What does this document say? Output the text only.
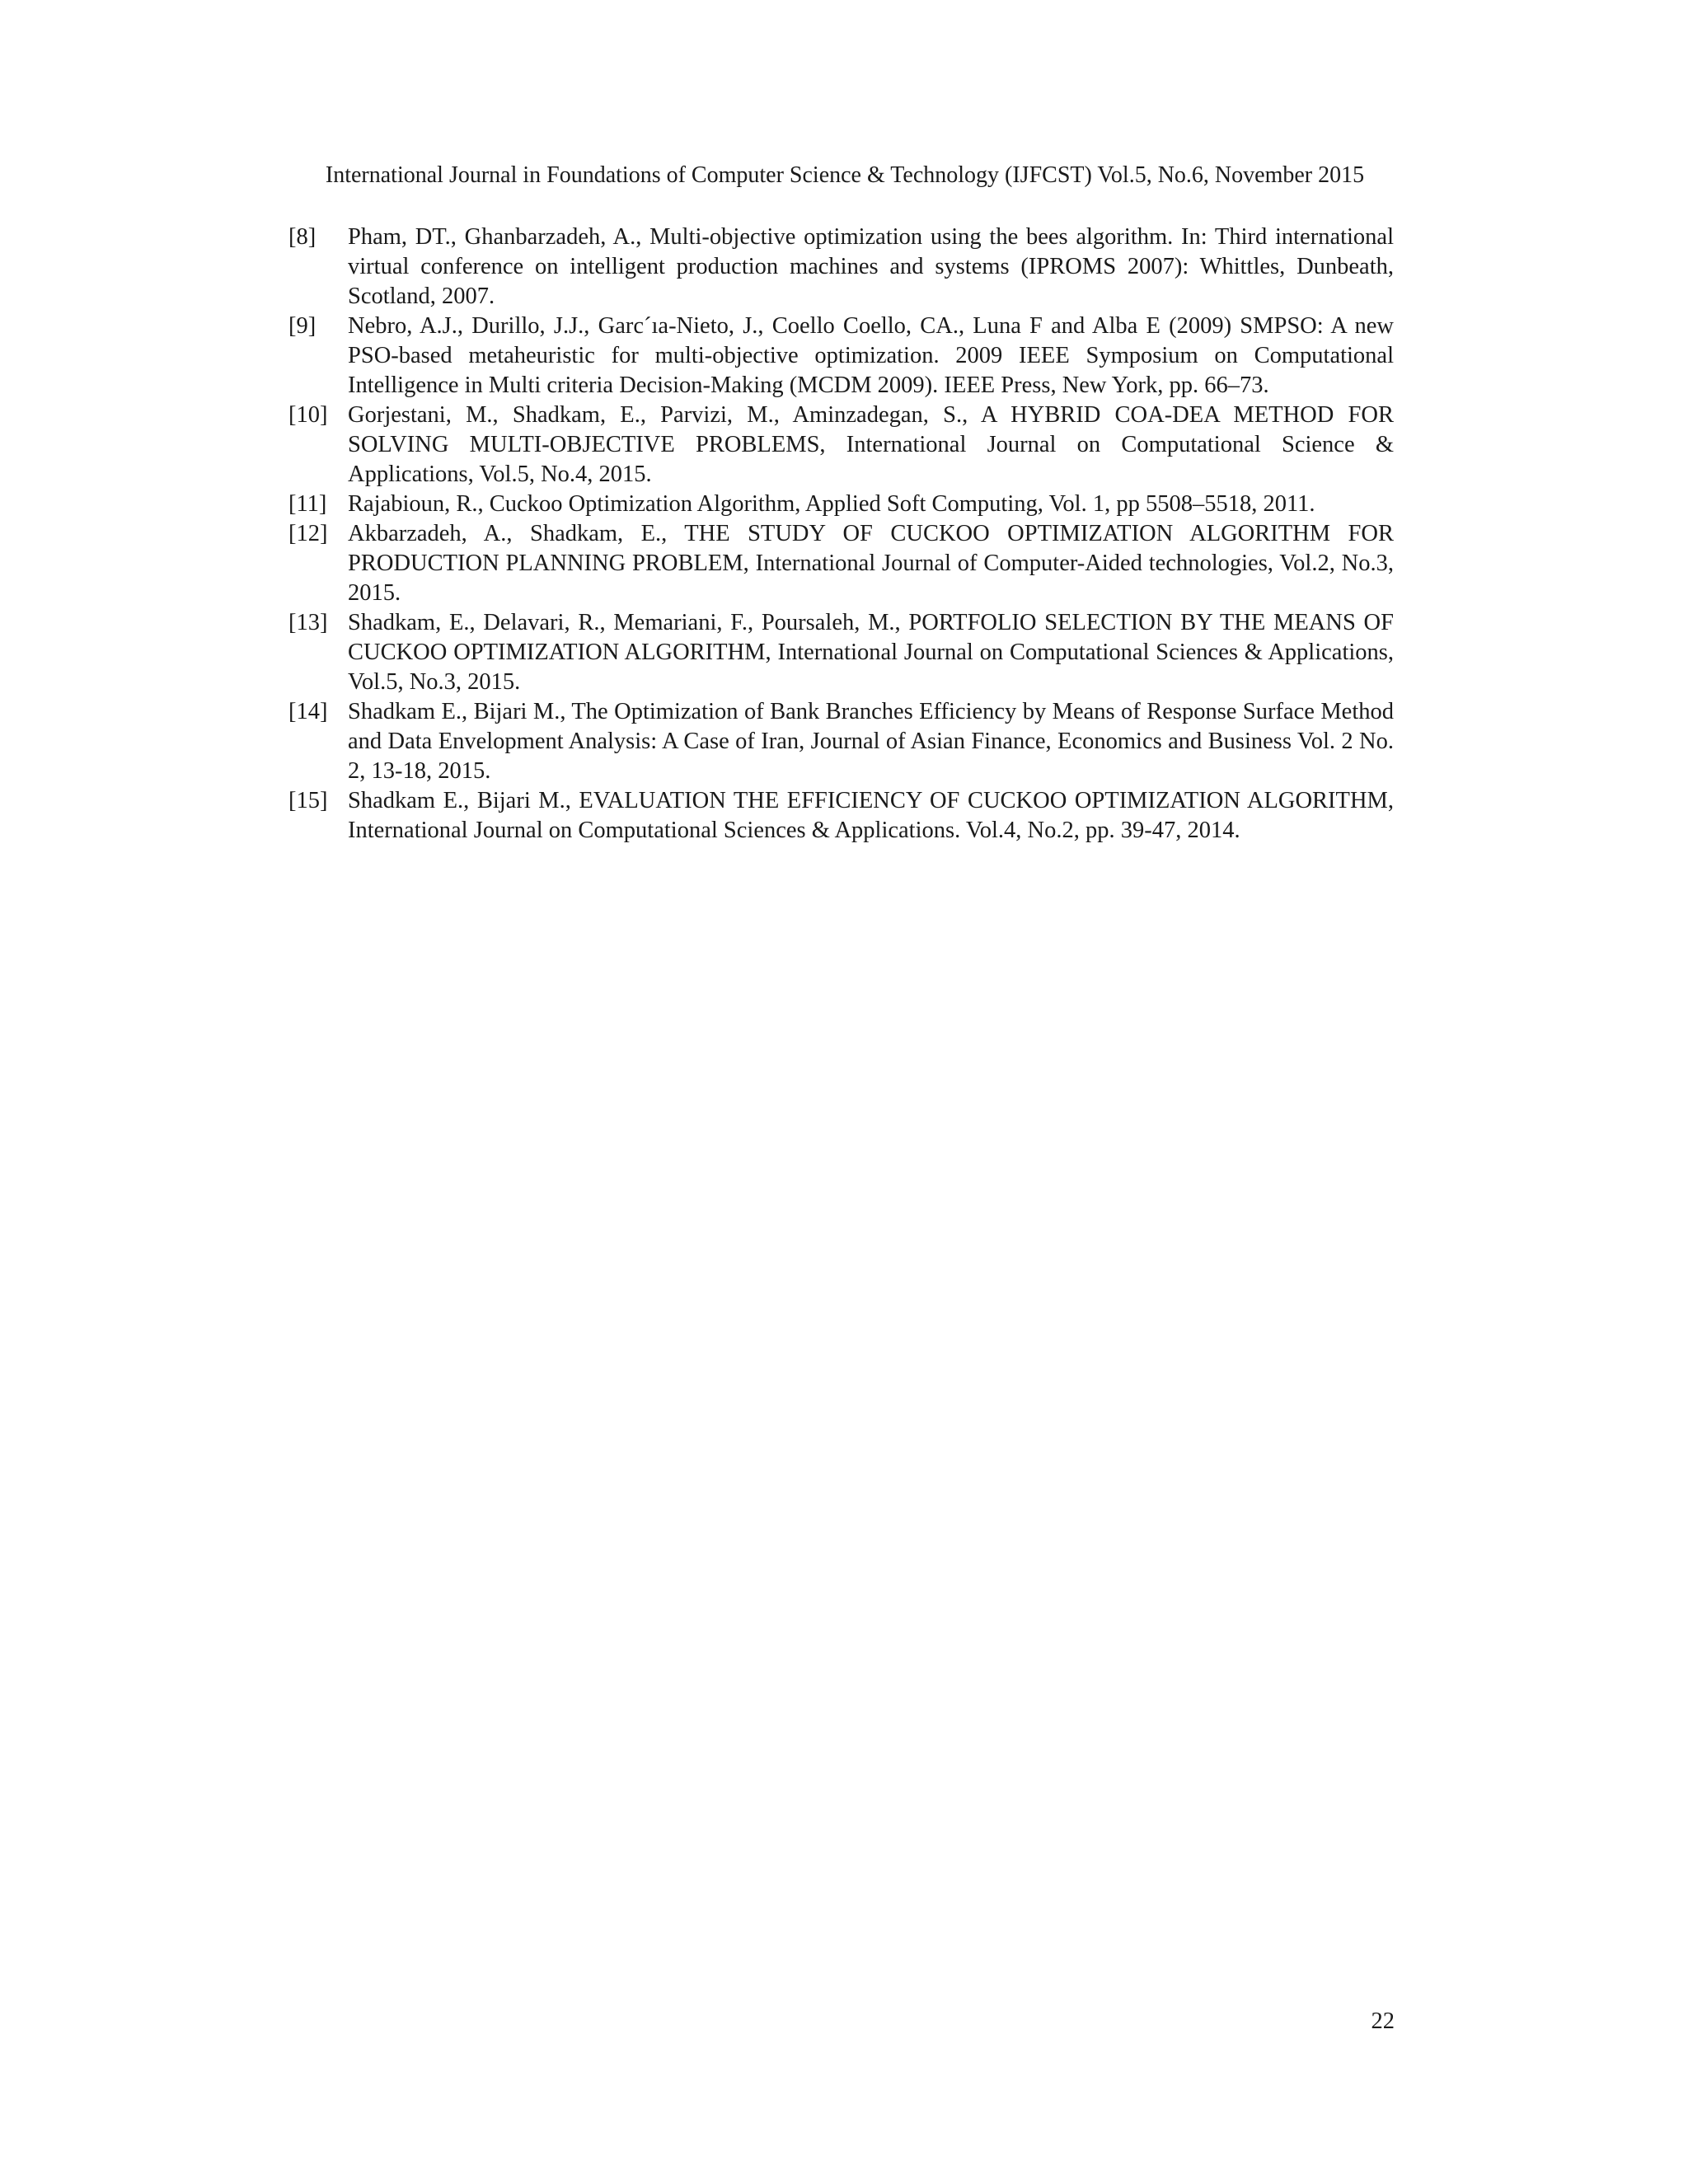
International Journal in Foundations of Computer Science & Technology (IJFCST) Vol.5, No.6, November 2015
[8]	Pham, DT., Ghanbarzadeh, A., Multi-objective optimization using the bees algorithm. In: Third international virtual conference on intelligent production machines and systems (IPROMS 2007): Whittles, Dunbeath, Scotland, 2007.
[9]	Nebro, A.J., Durillo, J.J., Garc´ıa-Nieto, J., Coello Coello, CA., Luna F and Alba E (2009) SMPSO: A new PSO-based metaheuristic for multi-objective optimization. 2009 IEEE Symposium on Computational Intelligence in Multi criteria Decision-Making (MCDM 2009). IEEE Press, New York, pp. 66–73.
[10] Gorjestani, M., Shadkam, E., Parvizi, M., Aminzadegan, S., A HYBRID COA-DEA METHOD FOR SOLVING MULTI-OBJECTIVE PROBLEMS, International Journal on Computational Science & Applications, Vol.5, No.4, 2015.
[11] Rajabioun, R., Cuckoo Optimization Algorithm, Applied Soft Computing, Vol. 1, pp 5508–5518, 2011.
[12] Akbarzadeh, A., Shadkam, E., THE STUDY OF CUCKOO OPTIMIZATION ALGORITHM FOR PRODUCTION PLANNING PROBLEM, International Journal of Computer-Aided technologies, Vol.2, No.3, 2015.
[13] Shadkam, E., Delavari, R., Memariani, F., Poursaleh, M., PORTFOLIO SELECTION BY THE MEANS OF CUCKOO OPTIMIZATION ALGORITHM, International Journal on Computational Sciences & Applications, Vol.5, No.3, 2015.
[14] Shadkam E., Bijari M., The Optimization of Bank Branches Efficiency by Means of Response Surface Method and Data Envelopment Analysis: A Case of Iran, Journal of Asian Finance, Economics and Business Vol. 2 No. 2, 13-18, 2015.
[15] Shadkam E., Bijari M., EVALUATION THE EFFICIENCY OF CUCKOO OPTIMIZATION ALGORITHM, International Journal on Computational Sciences & Applications. Vol.4, No.2, pp. 39-47, 2014.
22
